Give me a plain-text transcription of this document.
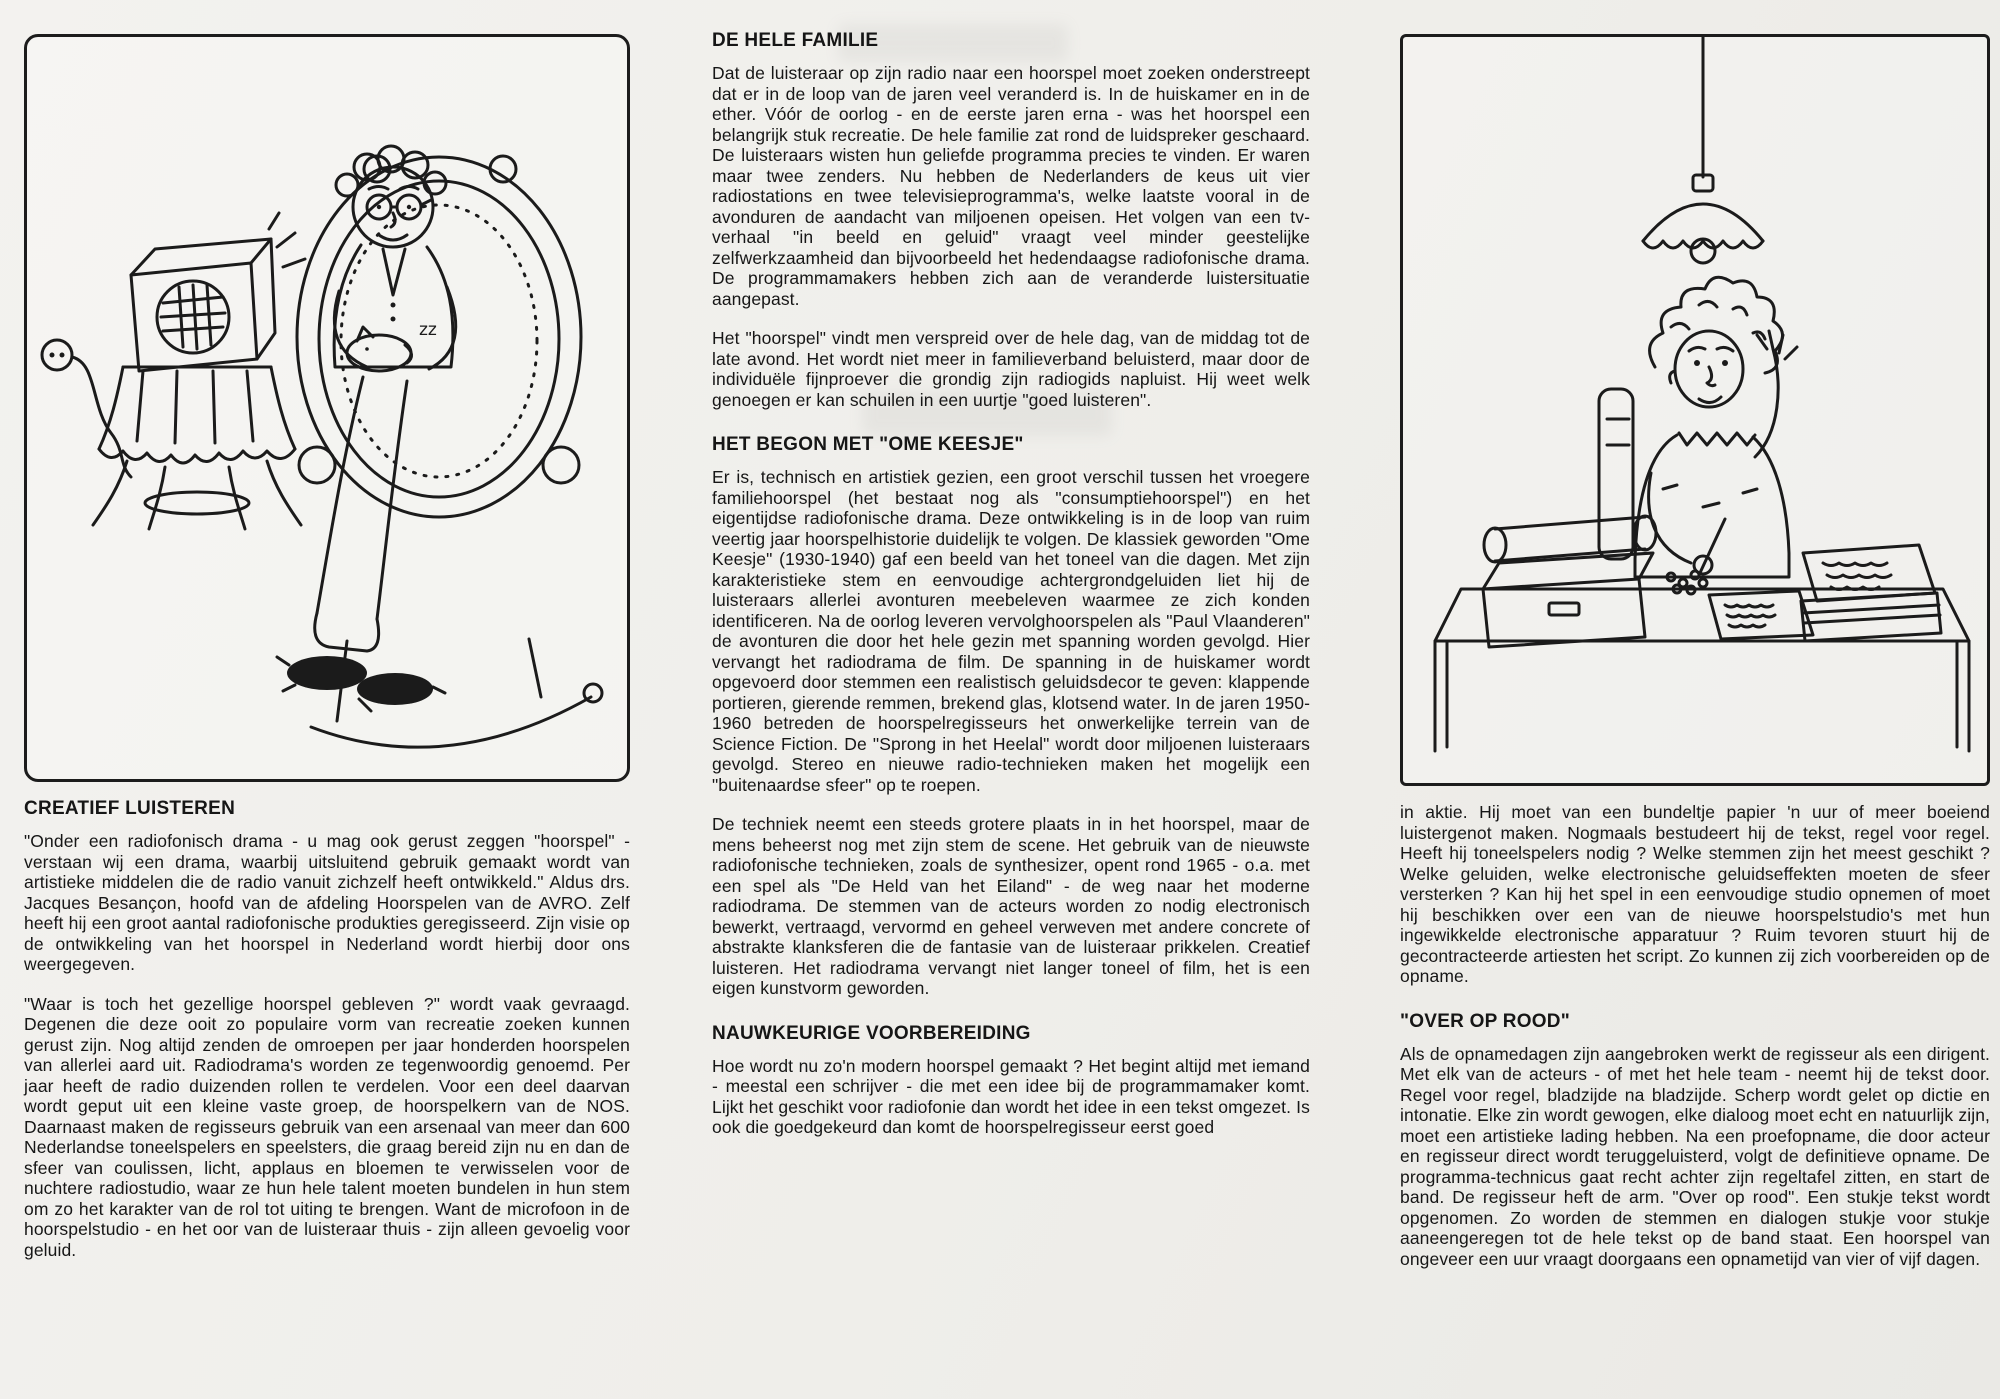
zz
CREATIEF LUISTEREN

"Onder een radiofonisch drama - u mag ook gerust zeggen "hoorspel" - verstaan wij een drama, waarbij uitsluitend gebruik gemaakt wordt van artistieke middelen die de radio vanuit zichzelf heeft ontwikkeld." Aldus drs. Jacques Besançon, hoofd van de afdeling Hoorspelen van de AVRO. Zelf heeft hij een groot aantal radiofonische produkties geregisseerd. Zijn visie op de ontwikkeling van het hoorspel in Nederland wordt hierbij door ons weergegeven.

"Waar is toch het gezellige hoorspel gebleven ?" wordt vaak gevraagd. Degenen die deze ooit zo populaire vorm van recreatie zoeken kunnen gerust zijn. Nog altijd zenden de omroepen per jaar honderden hoorspelen van allerlei aard uit. Radiodrama's worden ze tegenwoordig genoemd. Per jaar heeft de radio duizenden rollen te verdelen. Voor een deel daarvan wordt geput uit een kleine vaste groep, de hoorspelkern van de NOS. Daarnaast maken de regisseurs gebruik van een arsenaal van meer dan 600 Nederlandse toneelspelers en speelsters, die graag bereid zijn nu en dan de sfeer van coulissen, licht, applaus en bloemen te verwisselen voor de nuchtere radiostudio, waar ze hun hele talent moeten bundelen in hun stem om zo het karakter van de rol tot uiting te brengen. Want de microfoon in de hoorspelstudio - en het oor van de luisteraar thuis - zijn alleen gevoelig voor geluid.

DE HELE FAMILIE

Dat de luisteraar op zijn radio naar een hoorspel moet zoeken onderstreept dat er in de loop van de jaren veel veranderd is. In de huiskamer en in de ether. Vóór de oorlog - en de eerste jaren erna - was het hoorspel een belangrijk stuk recreatie. De hele familie zat rond de luidspreker geschaard. De luisteraars wisten hun geliefde programma precies te vinden. Er waren maar twee zenders. Nu hebben de Nederlanders de keus uit vier radiostations en twee televisieprogramma's, welke laatste vooral in de avonduren de aandacht van miljoenen opeisen. Het volgen van een tv-verhaal "in beeld en geluid" vraagt veel minder geestelijke zelfwerkzaamheid dan bijvoorbeeld het hedendaagse radiofonische drama. De programmamakers hebben zich aan de veranderde luistersituatie aangepast.

Het "hoorspel" vindt men verspreid over de hele dag, van de middag tot de late avond. Het wordt niet meer in familieverband beluisterd, maar door de individuële fijnproever die grondig zijn radiogids napluist. Hij weet welk genoegen er kan schuilen in een uurtje "goed luisteren".

HET BEGON MET "OME KEESJE"

Er is, technisch en artistiek gezien, een groot verschil tussen het vroegere familiehoorspel (het bestaat nog als "consumptiehoorspel") en het eigentijdse radiofonische drama. Deze ontwikkeling is in de loop van ruim veertig jaar hoorspelhistorie duidelijk te volgen. De klassiek geworden "Ome Keesje" (1930-1940) gaf een beeld van het toneel van die dagen. Met zijn karakteristieke stem en eenvoudige achtergrondgeluiden liet hij de luisteraars allerlei avonturen meebeleven waarmee ze zich konden identificeren. Na de oorlog leveren vervolghoorspelen als "Paul Vlaanderen" de avonturen die door het hele gezin met spanning worden gevolgd. Hier vervangt het radiodrama de film. De spanning in de huiskamer wordt opgevoerd door stemmen een realistisch geluidsdecor te geven: klappende portieren, gierende remmen, brekend glas, klotsend water. In de jaren 1950-1960 betreden de hoorspelregisseurs het onwerkelijke terrein van de Science Fiction. De "Sprong in het Heelal" wordt door miljoenen luisteraars gevolgd. Stereo en nieuwe radio-technieken maken het mogelijk een "buitenaardse sfeer" op te roepen.

De techniek neemt een steeds grotere plaats in in het hoorspel, maar de mens beheerst nog met zijn stem de scene. Het gebruik van de nieuwste radiofonische technieken, zoals de synthesizer, opent rond 1965 - o.a. met een spel als "De Held van het Eiland" - de weg naar het moderne radiodrama. De stemmen van de acteurs worden zo nodig electronisch bewerkt, vertraagd, vervormd en geheel verweven met andere concrete of abstrakte klanksferen die de fantasie van de luisteraar prikkelen. Creatief luisteren. Het radiodrama vervangt niet langer toneel of film, het is een eigen kunstvorm geworden.

NAUWKEURIGE VOORBEREIDING

Hoe wordt nu zo'n modern hoorspel gemaakt ? Het begint altijd met iemand - meestal een schrijver - die met een idee bij de programmamaker komt. Lijkt het geschikt voor radiofonie dan wordt het idee in een tekst omgezet. Is ook die goedgekeurd dan komt de hoorspelregisseur eerst goed

in aktie. Hij moet van een bundeltje papier 'n uur of meer boeiend luistergenot maken. Nogmaals bestudeert hij de tekst, regel voor regel. Heeft hij toneelspelers nodig ? Welke stemmen zijn het meest geschikt ? Welke geluiden, welke electronische geluidseffekten moeten de sfeer versterken ? Kan hij het spel in een eenvoudige studio opnemen of moet hij beschikken over een van de nieuwe hoorspelstudio's met hun ingewikkelde electronische apparatuur ? Ruim tevoren stuurt hij de gecontracteerde artiesten het script. Zo kunnen zij zich voorbereiden op de opname.

"OVER OP ROOD"

Als de opnamedagen zijn aangebroken werkt de regisseur als een dirigent. Met elk van de acteurs - of met het hele team - neemt hij de tekst door. Regel voor regel, bladzijde na bladzijde. Scherp wordt gelet op dictie en intonatie. Elke zin wordt gewogen, elke dialoog moet echt en natuurlijk zijn, moet een artistieke lading hebben. Na een proefopname, die door acteur en regisseur direct wordt teruggeluisterd, volgt de definitieve opname. De programma-technicus gaat recht achter zijn regeltafel zitten, en start de band. De regisseur heft de arm. "Over op rood". Een stukje tekst wordt opgenomen. Zo worden de stemmen en dialogen stukje voor stukje aaneengeregen tot de hele tekst op de band staat. Een hoorspel van ongeveer een uur vraagt doorgaans een opnametijd van vier of vijf dagen.
